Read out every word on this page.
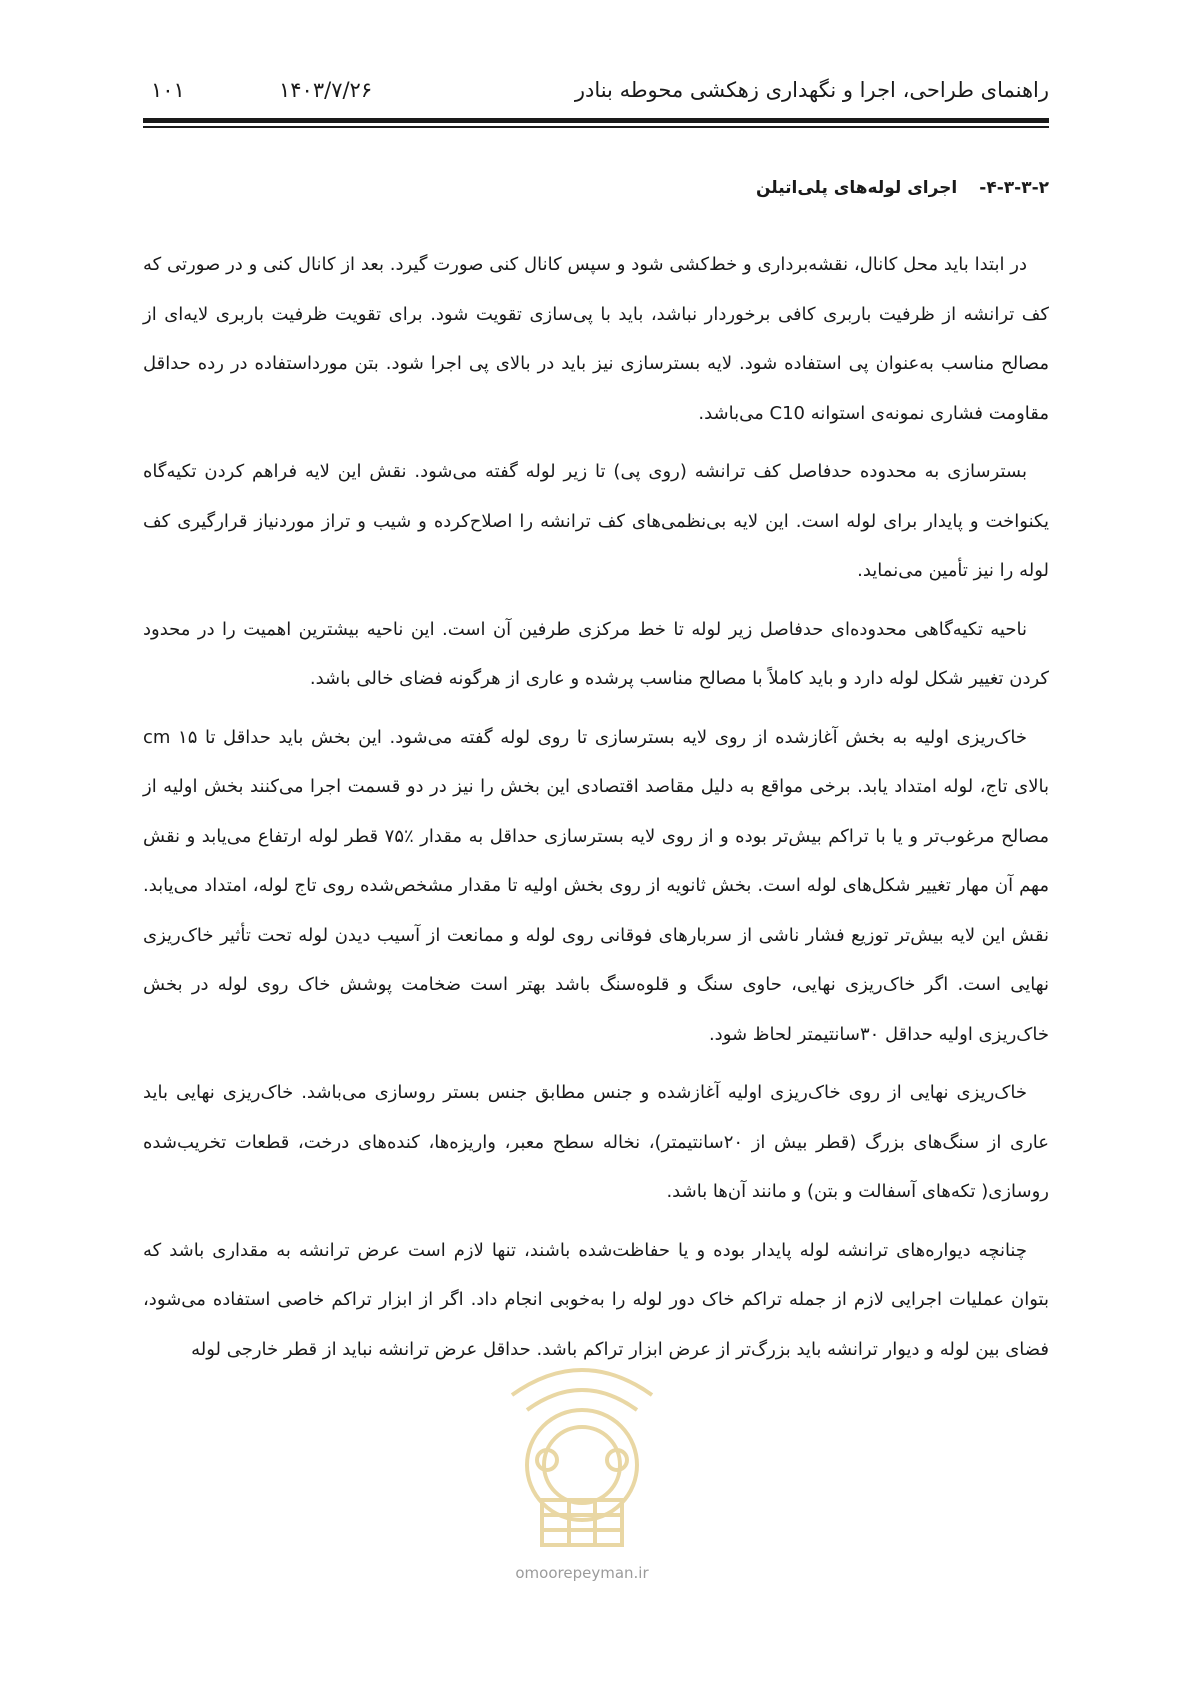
راهنمای طراحی، اجرا و نگهداری زهکشی محوطه بنادر
۱۴۰۳/۷/۲۶
۱۰۱
۴-۳-۳-۲-اجرای لوله‌های پلی‌اتیلن

در ابتدا باید محل کانال، نقشه‌برداری و خط‌کشی شود و سپس کانال کنی صورت گیرد. بعد از کانال کنی و در صورتی که کف ترانشه از ظرفیت باربری کافی برخوردار نباشد، باید با پی‌سازی تقویت شود. برای تقویت ظرفیت باربری لایه‌ای از مصالح مناسب به‌عنوان پی استفاده شود. لایه بسترسازی نیز باید در بالای پی اجرا شود. بتن مورداستفاده در رده حداقل مقاومت فشاری نمونه‌ی استوانه C10 می‌باشد.

بسترسازی به محدوده حدفاصل کف ترانشه (روی پی) تا زیر لوله گفته می‌شود. نقش این لایه فراهم کردن تکیه‌گاه یکنواخت و پایدار برای لوله است. این لایه بی‌نظمی‌های کف ترانشه را اصلاح‌کرده و شیب و تراز موردنیاز قرارگیری کف لوله را نیز تأمین می‌نماید.

ناحیه تکیه‌گاهی محدوده‌ای حدفاصل زیر لوله تا خط مرکزی طرفین آن است. این ناحیه بیشترین اهمیت را در محدود کردن تغییر شکل لوله دارد و باید کاملاً با مصالح مناسب پرشده و عاری از هرگونه فضای خالی باشد.

خاک‌ریزی اولیه به بخش آغازشده از روی لایه بسترسازی تا روی لوله گفته می‌شود. این بخش باید حداقل تا cm ۱۵ بالای تاج، لوله امتداد یابد. برخی مواقع به دلیل مقاصد اقتصادی این بخش را نیز در دو قسمت اجرا می‌کنند بخش اولیه از مصالح مرغوب‌تر و یا با تراکم بیش‌تر بوده و از روی لایه بسترسازی حداقل به مقدار ٪۷۵ قطر لوله ارتفاع می‌یابد و نقش مهم آن مهار تغییر شکل‌های لوله است. بخش ثانویه از روی بخش اولیه تا مقدار مشخص‌شده روی تاج لوله، امتداد می‌یابد. نقش این لایه بیش‌تر توزیع فشار ناشی از سربارهای فوقانی روی لوله و ممانعت از آسیب دیدن لوله تحت تأثیر خاک‌ریزی نهایی است. اگر خاک‌ریزی نهایی، حاوی سنگ و قلوه‌سنگ باشد بهتر است ضخامت پوشش خاک روی لوله در بخش خاک‌ریزی اولیه حداقل ۳۰سانتیمتر لحاظ شود.

خاک‌ریزی نهایی از روی خاک‌ریزی اولیه آغازشده و جنس مطابق جنس بستر روسازی می‌باشد. خاک‌ریزی نهایی باید عاری از سنگ‌های بزرگ (قطر بیش از ۲۰سانتیمتر)، نخاله سطح معبر، واریزه‌ها، کنده‌های درخت، قطعات تخریب‌شده روسازی( تکه‌های آسفالت و بتن) و مانند آن‌ها باشد.

چنانچه دیواره‌های ترانشه لوله پایدار بوده و یا حفاظت‌شده باشند، تنها لازم است عرض ترانشه به مقداری باشد که بتوان عملیات اجرایی لازم از جمله تراکم خاک دور لوله را به‌خوبی انجام داد. اگر از ابزار تراکم خاصی استفاده می‌شود، فضای بین لوله و دیوار ترانشه باید بزرگ‌تر از عرض ابزار تراکم باشد. حداقل عرض ترانشه نباید از قطر خارجی لوله

omoorepeyman.ir
